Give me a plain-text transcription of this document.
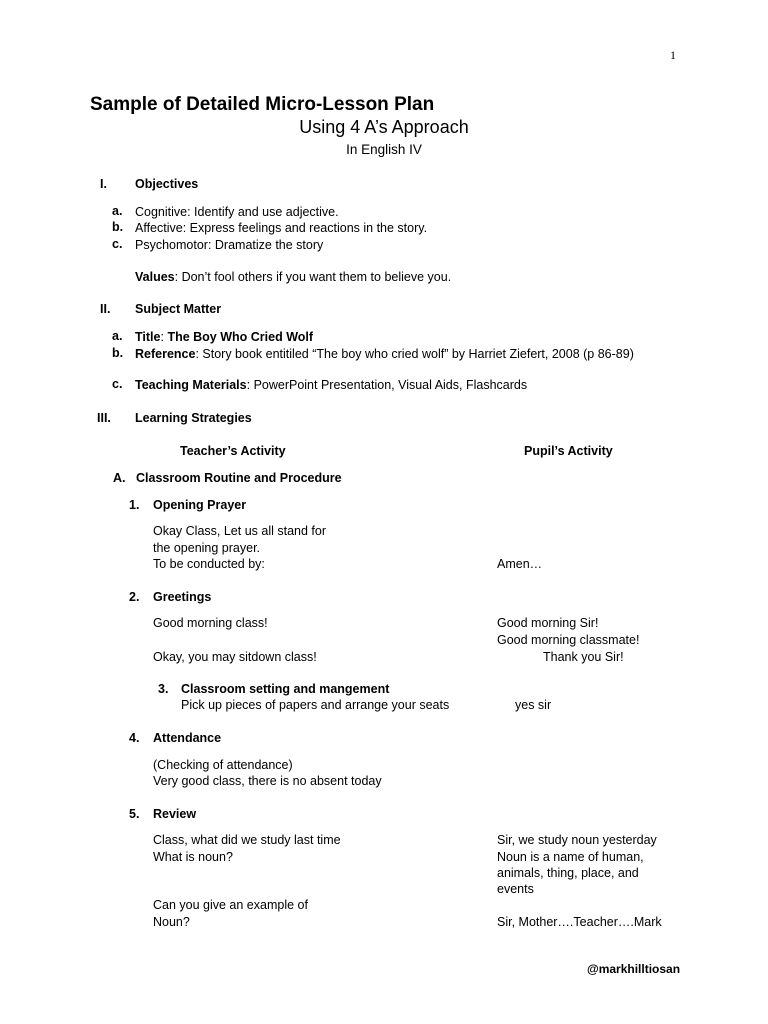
1
Sample of Detailed Micro-Lesson Plan
Using 4 A’s Approach
In English IV
I. Objectives
a. Cognitive: Identify and use adjective.
b. Affective: Express feelings and reactions in the story.
c. Psychomotor: Dramatize the story
Values: Don’t fool others if you want them to believe you.
II. Subject Matter
a. Title: The Boy Who Cried Wolf
b. Reference: Story book entitiled “The boy who cried wolf” by Harriet Ziefert, 2008 (p 86-89)
c. Teaching Materials: PowerPoint Presentation, Visual Aids, Flashcards
III. Learning Strategies
Teacher’s Activity	Pupil’s Activity
A. Classroom Routine and Procedure
1. Opening Prayer
Okay Class, Let us all stand for
the opening prayer.
To be conducted by:	Amen…
2. Greetings
Good morning class!	Good morning Sir!
Good morning classmate!
Okay, you may sitdown class!	Thank you Sir!
3. Classroom setting and mangement
Pick up pieces of papers and arrange your seats	yes sir
4. Attendance
(Checking of attendance)
Very good class, there is no absent today
5. Review
Class, what did we study last time	Sir, we study noun yesterday
What is noun?	Noun is a name of human,
animals, thing, place, and
events
Can you give an example of
Noun?	Sir, Mother….Teacher….Mark
@markhilltiosan
